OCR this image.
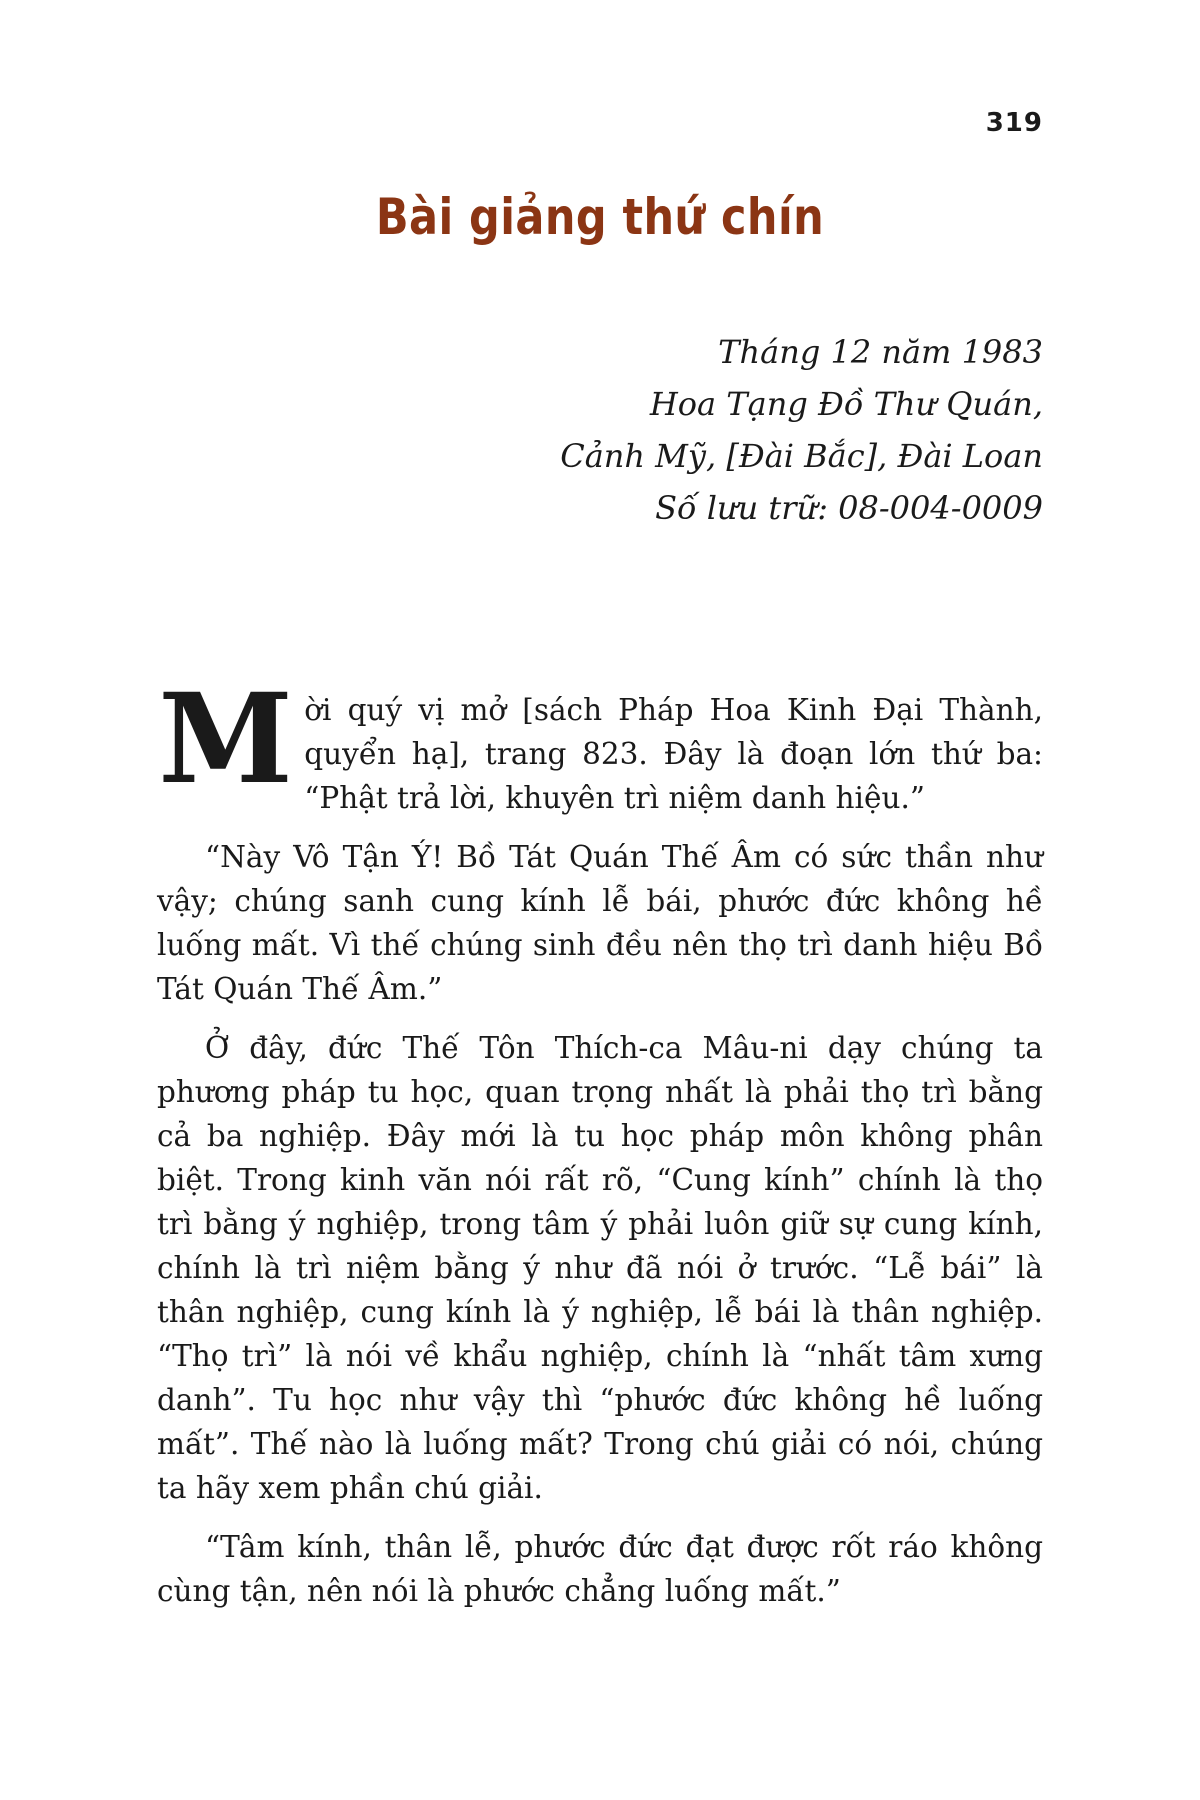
319
Bài giảng thứ chín
Tháng 12 năm 1983
Hoa Tạng Đồ Thư Quán,
Cảnh Mỹ, [Đài Bắc], Đài Loan
Số lưu trữ: 08-004-0009

Mời quý vị mở [sách Pháp Hoa Kinh Đại Thành, quyển hạ], trang 823. Đây là đoạn lớn thứ ba: “Phật trả lời, khuyên trì niệm danh hiệu.”

“Này Vô Tận Ý! Bồ Tát Quán Thế Âm có sức thần như vậy; chúng sanh cung kính lễ bái, phước đức không hề luống mất. Vì thế chúng sinh đều nên thọ trì danh hiệu Bồ Tát Quán Thế Âm.”

Ở đây, đức Thế Tôn Thích-ca Mâu-ni dạy chúng ta phương pháp tu học, quan trọng nhất là phải thọ trì bằng cả ba nghiệp. Đây mới là tu học pháp môn không phân biệt. Trong kinh văn nói rất rõ, “Cung kính” chính là thọ trì bằng ý nghiệp, trong tâm ý phải luôn giữ sự cung kính, chính là trì niệm bằng ý như đã nói ở trước. “Lễ bái” là thân nghiệp, cung kính là ý nghiệp, lễ bái là thân nghiệp. “Thọ trì” là nói về khẩu nghiệp, chính là “nhất tâm xưng danh”. Tu học như vậy thì “phước đức không hề luống mất”. Thế nào là luống mất? Trong chú giải có nói, chúng ta hãy xem phần chú giải.

“Tâm kính, thân lễ, phước đức đạt được rốt ráo không cùng tận, nên nói là phước chẳng luống mất.”
